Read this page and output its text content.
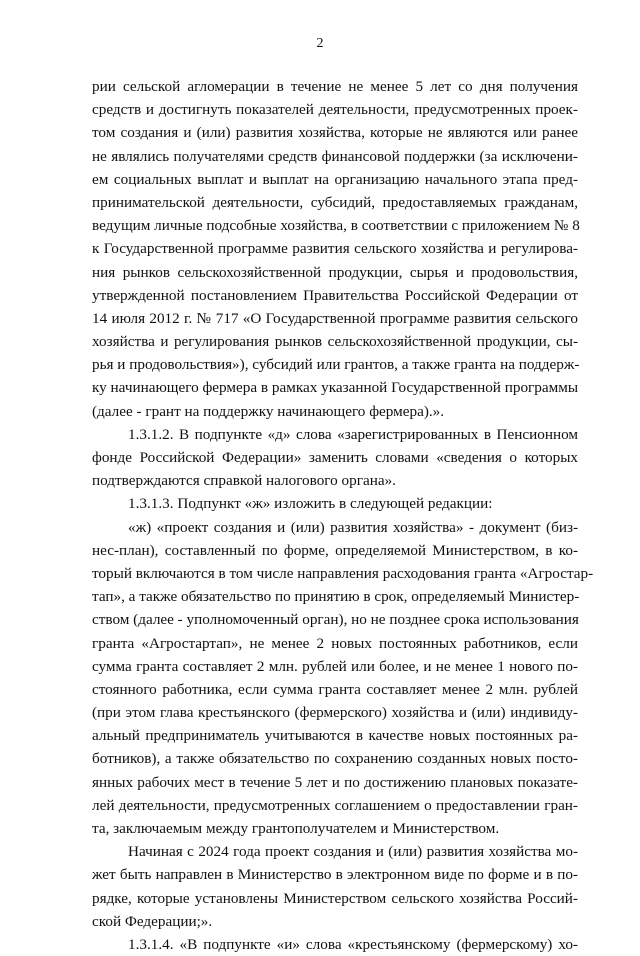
2
рии сельской агломерации в течение не менее 5 лет со дня получения
средств и достигнуть показателей деятельности, предусмотренных проек-
том создания и (или) развития хозяйства, которые не являются или ранее
не являлись получателями средств финансовой поддержки (за исключени-
ем социальных выплат и выплат на организацию начального этапа пред-
принимательской деятельности, субсидий, предоставляемых гражданам,
ведущим личные подсобные хозяйства, в соответствии с приложением № 8
к Государственной программе развития сельского хозяйства и регулирова-
ния рынков сельскохозяйственной продукции, сырья и продовольствия,
утвержденной постановлением Правительства Российской Федерации от
14 июля 2012 г. № 717 «О Государственной программе развития сельского
хозяйства и регулирования рынков сельскохозяйственной продукции, сы-
рья и продовольствия»), субсидий или грантов, а также гранта на поддерж-
ку начинающего фермера в рамках указанной Государственной программы
(далее - грант на поддержку начинающего фермера).».
1.3.1.2. В подпункте «д» слова «зарегистрированных в Пенсионном
фонде Российской Федерации» заменить словами «сведения о которых
подтверждаются справкой налогового органа».
1.3.1.3. Подпункт «ж» изложить в следующей редакции:
«ж) «проект создания и (или) развития хозяйства» - документ (биз-
нес-план), составленный по форме, определяемой Министерством, в ко-
торый включаются в том числе направления расходования гранта «Агростар-
тап», а также обязательство по принятию в срок, определяемый Министер-
ством (далее - уполномоченный орган), но не позднее срока использования
гранта «Агростартап», не менее 2 новых постоянных работников, если
сумма гранта составляет 2 млн. рублей или более, и не менее 1 нового по-
стоянного работника, если сумма гранта составляет менее 2 млн. рублей
(при этом глава крестьянского (фермерского) хозяйства и (или) индивиду-
альный предприниматель учитываются в качестве новых постоянных ра-
ботников), а также обязательство по сохранению созданных новых посто-
янных рабочих мест в течение 5 лет и по достижению плановых показате-
лей деятельности, предусмотренных соглашением о предоставлении гран-
та, заключаемым между грантополучателем и Министерством.
Начиная с 2024 года проект создания и (или) развития хозяйства мо-
жет быть направлен в Министерство в электронном виде по форме и в по-
рядке, которые установлены Министерством сельского хозяйства Россий-
ской Федерации;».
1.3.1.4. «В подпункте «и» слова «крестьянскому (фермерскому) хо-
